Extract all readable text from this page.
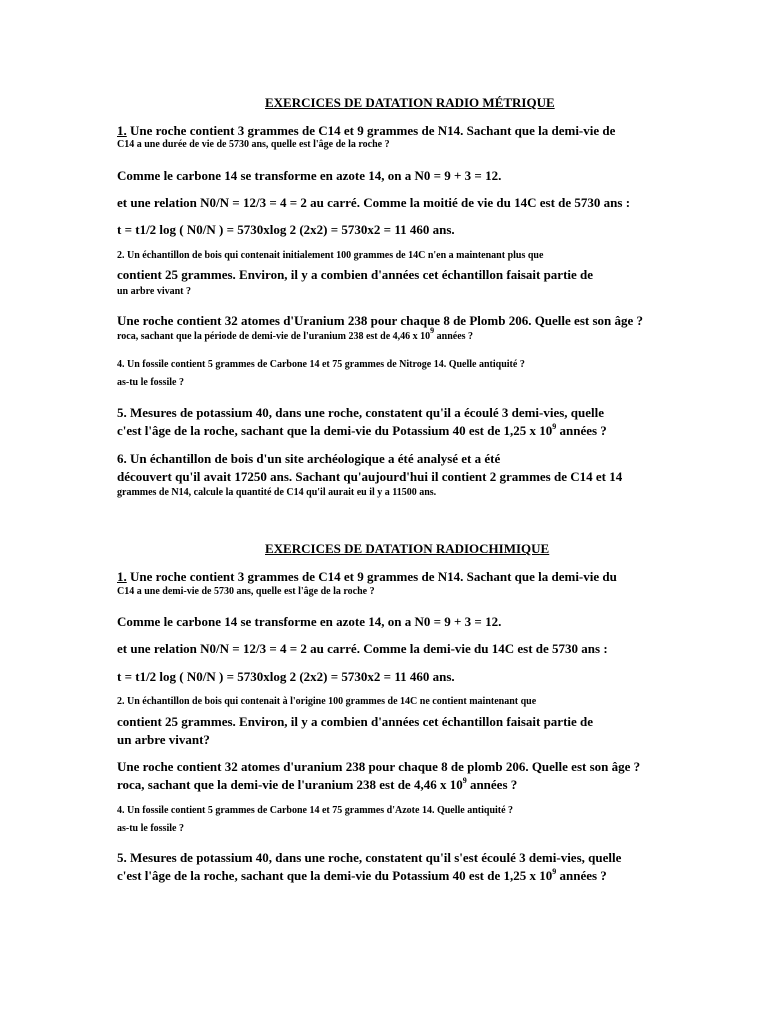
EXERCICES DE DATATION RADIO MÉTRIQUE
1. Une roche contient 3 grammes de C14 et 9 grammes de N14. Sachant que la demi-vie de
C14 a une durée de vie de 5730 ans, quelle est l'âge de la roche ?
Comme le carbone 14 se transforme en azote 14, on a N0 = 9 + 3 = 12.
et une relation N0/N = 12/3 = 4 = 2 au carré. Comme la moitié de vie du 14C est de 5730 ans :
t = t1/2 log ( N0/N ) = 5730xlog 2 (2x2) = 5730x2 = 11 460 ans.
2. Un échantillon de bois qui contenait initialement 100 grammes de 14C n'en a maintenant plus que
contient 25 grammes. Environ, il y a combien d'années cet échantillon faisait partie de
un arbre vivant ?
Une roche contient 32 atomes d'Uranium 238 pour chaque 8 de Plomb 206. Quelle est son âge ?
roca, sachant que la période de demi-vie de l'uranium 238 est de 4,46 x $10^9$ années ?
4. Un fossile contient 5 grammes de Carbone 14 et 75 grammes de Nitroge 14. Quelle antiquité ?
as-tu le fossile ?
5. Mesures de potassium 40, dans une roche, constatent qu'il a écoulé 3 demi-vies, quelle
c'est l'âge de la roche, sachant que la demi-vie du Potassium 40 est de 1,25 x $10^9$ années ?
6. Un échantillon de bois d'un site archéologique a été analysé et a été
découvert qu'il avait 17250 ans. Sachant qu'aujourd'hui il contient 2 grammes de C14 et 14
grammes de N14, calcule la quantité de C14 qu'il aurait eu il y a 11500 ans.
EXERCICES DE DATATION RADIOCHIMIQUE
1. Une roche contient 3 grammes de C14 et 9 grammes de N14. Sachant que la demi-vie du
C14 a une demi-vie de 5730 ans, quelle est l'âge de la roche ?
Comme le carbone 14 se transforme en azote 14, on a N0 = 9 + 3 = 12.
et une relation N0/N = 12/3 = 4 = 2 au carré. Comme la demi-vie du 14C est de 5730 ans :
t = t1/2 log ( N0/N ) = 5730xlog 2 (2x2) = 5730x2 = 11 460 ans.
2. Un échantillon de bois qui contenait à l'origine 100 grammes de 14C ne contient maintenant que
contient 25 grammes. Environ, il y a combien d'années cet échantillon faisait partie de
un arbre vivant?
Une roche contient 32 atomes d'uranium 238 pour chaque 8 de plomb 206. Quelle est son âge ?
roca, sachant que la demi-vie de l'uranium 238 est de 4,46 x $10^9$ années ?
4. Un fossile contient 5 grammes de Carbone 14 et 75 grammes d'Azote 14. Quelle antiquité ?
as-tu le fossile ?
5. Mesures de potassium 40, dans une roche, constatent qu'il s'est écoulé 3 demi-vies, quelle
c'est l'âge de la roche, sachant que la demi-vie du Potassium 40 est de 1,25 x $10^9$ années ?
